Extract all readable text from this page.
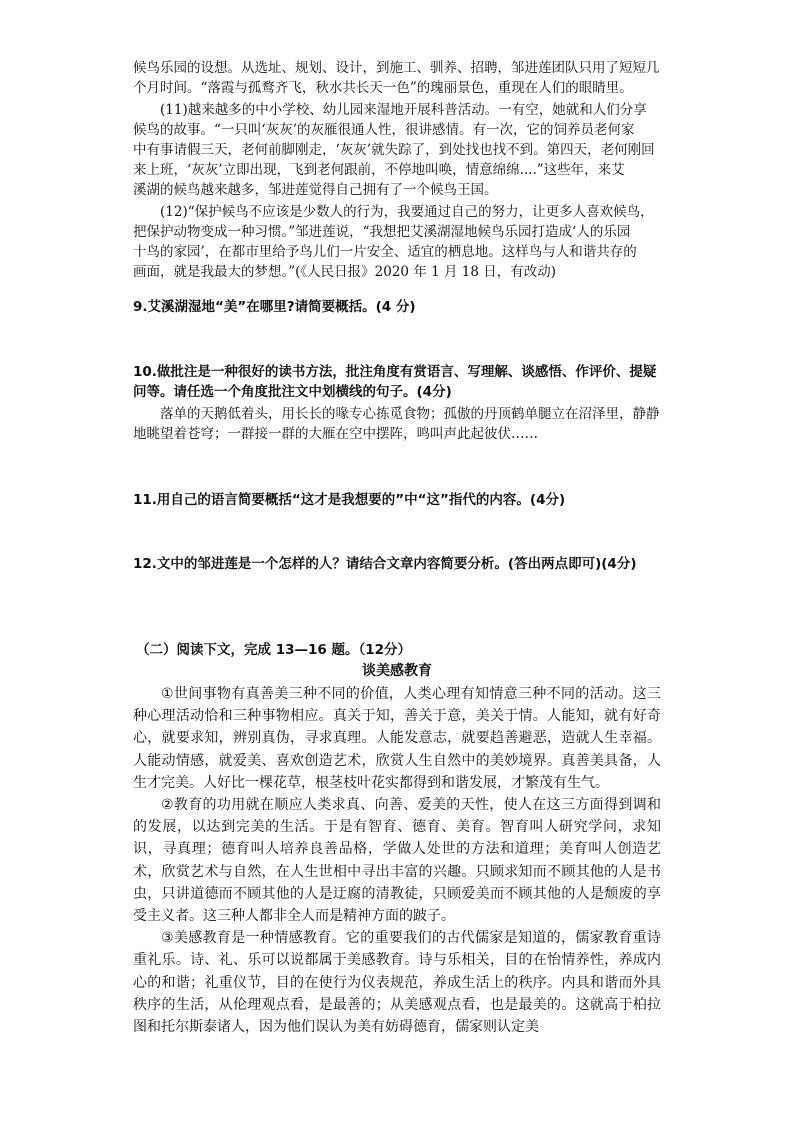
候鸟乐园的设想。从选址、规划、设计，到施工、驯养、招聘，邹进莲团队只用了短短几
个月时间。“落霞与孤鹜齐飞，秋水共长天一色”的瑰丽景色，重现在人们的眼睛里。
(11)越来越多的中小学校、幼儿园来湿地开展科普活动。一有空，她就和人们分享
候鸟的故事。“一只叫‘灰灰’的灰雁很通人性，很讲感情。有一次，它的饲养员老何家
中有事请假三天，老何前脚刚走，‘灰灰’就失踪了，到处找也找不到。第四天，老何刚回
来上班，‘灰灰’立即出现，飞到老何跟前，不停地叫唤，情意绵绵....”这些年，来艾
溪湖的候鸟越来越多，邹进莲觉得自己拥有了一个候鸟王国。
(12)“保护候鸟不应该是少数人的行为，我要通过自己的努力，让更多人喜欢候鸟，
把保护动物变成一种习惯。”邹进莲说，“我想把艾溪湖湿地候鸟乐园打造成‘人的乐园
十鸟的家园’，在都市里给予鸟儿们一片安全、适宜的栖息地。这样鸟与人和谐共存的
画面，就是我最大的梦想。”(《人民日报》2020 年 1 月 18 日，有改动)
9.艾溪湖湿地“美”在哪里?请简要概括。(4 分)
10.做批注是一种很好的读书方法，批注角度有赏语言、写理解、谈感悟、作评价、提疑
问等。请任选一个角度批注文中划横线的句子。(4分)

落单的天鹅低着头，用长长的喙专心拣觅食物；孤傲的丹顶鹤单腿立在沼泽里，静静

地眺望着苍穹；一群接一群的大雁在空中摆阵，鸣叫声此起彼伏……

11.用自己的语言简要概括“这才是我想要的”中“这”指代的内容。(4分)
12.文中的邹进莲是一个怎样的人？请结合文章内容简要分析。(答出两点即可)(4分)
（二）阅读下文，完成 13—16 题。（12分）
谈美感教育

①世间事物有真善美三种不同的价值，人类心理有知情意三种不同的活动。这三种心理活动恰和三种事物相应。真关于知，善关于意，美关于情。人能知，就有好奇心，就要求知，辨别真伪，寻求真理。人能发意志，就要趋善避恶，造就人生幸福。人能动情感，就爱美、喜欢创造艺术，欣赏人生自然中的美妙境界。真善美具备，人生才完美。人好比一棵花草，根茎枝叶花实都得到和谐发展，才繁茂有生气。

②教育的功用就在顺应人类求真、向善、爱美的天性，使人在这三方面得到调和的发展，以达到完美的生活。于是有智育、德育、美育。智育叫人研究学问，求知识，寻真理；德育叫人培养良善品格，学做人处世的方法和道理；美育叫人创造艺术，欣赏艺术与自然，在人生世相中寻出丰富的兴趣。只顾求知而不顾其他的人是书虫，只讲道德而不顾其他的人是迂腐的清教徒，只顾爱美而不顾其他的人是颓废的享受主义者。这三种人都非全人而是精神方面的跛子。

③美感教育是一种情感教育。它的重要我们的古代儒家是知道的，儒家教育重诗重礼乐。诗、礼、乐可以说都属于美感教育。诗与乐相关，目的在怡情养性，养成内心的和谐；礼重仪节，目的在使行为仪表规范，养成生活上的秩序。内具和谐而外具秩序的生活，从伦理观点看，是最善的；从美感观点看，也是最美的。这就高于柏拉图和托尔斯泰诸人，因为他们误认为美有妨碍德育，儒家则认定美
